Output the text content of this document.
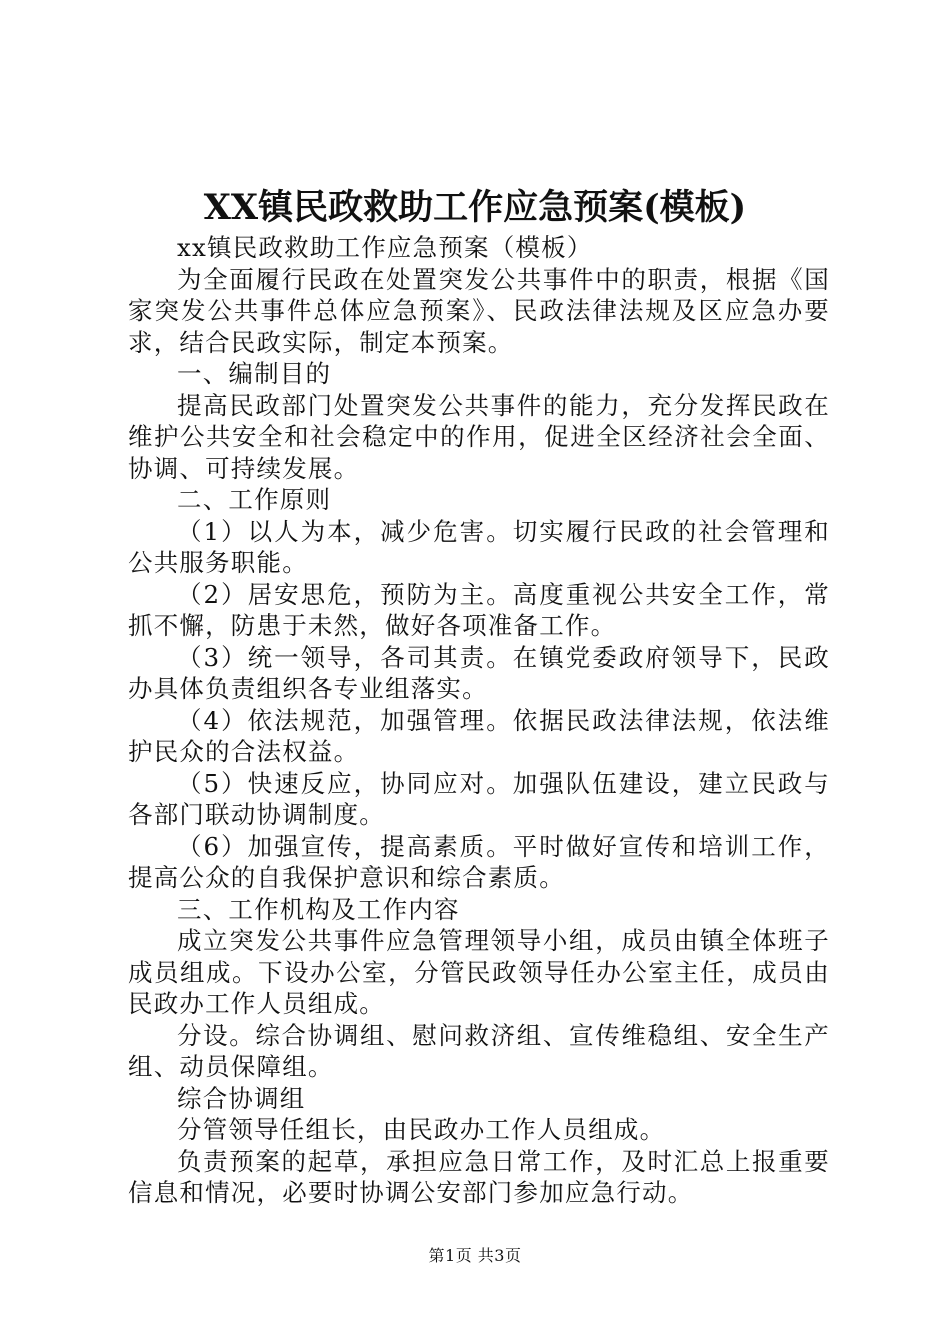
XX镇民政救助工作应急预案(模板)

xx镇民政救助工作应急预案（模板）

为全面履行民政在处置突发公共事件中的职责，根据《国家突发公共事件总体应急预案》、民政法律法规及区应急办要求，结合民政实际，制定本预案。

一、编制目的

提高民政部门处置突发公共事件的能力，充分发挥民政在维护公共安全和社会稳定中的作用，促进全区经济社会全面、协调、可持续发展。

二、工作原则

（1）以人为本，减少危害。切实履行民政的社会管理和公共服务职能。

（2）居安思危，预防为主。高度重视公共安全工作，常抓不懈，防患于未然，做好各项准备工作。

（3）统一领导，各司其责。在镇党委政府领导下，民政办具体负责组织各专业组落实。

（4）依法规范，加强管理。依据民政法律法规，依法维护民众的合法权益。

（5）快速反应，协同应对。加强队伍建设，建立民政与各部门联动协调制度。

（6）加强宣传，提高素质。平时做好宣传和培训工作，提高公众的自我保护意识和综合素质。

三、工作机构及工作内容

成立突发公共事件应急管理领导小组，成员由镇全体班子成员组成。下设办公室，分管民政领导任办公室主任，成员由民政办工作人员组成。

分设。综合协调组、慰问救济组、宣传维稳组、安全生产组、动员保障组。

综合协调组

分管领导任组长，由民政办工作人员组成。

负责预案的起草，承担应急日常工作，及时汇总上报重要信息和情况，必要时协调公安部门参加应急行动。

第1页 共3页
